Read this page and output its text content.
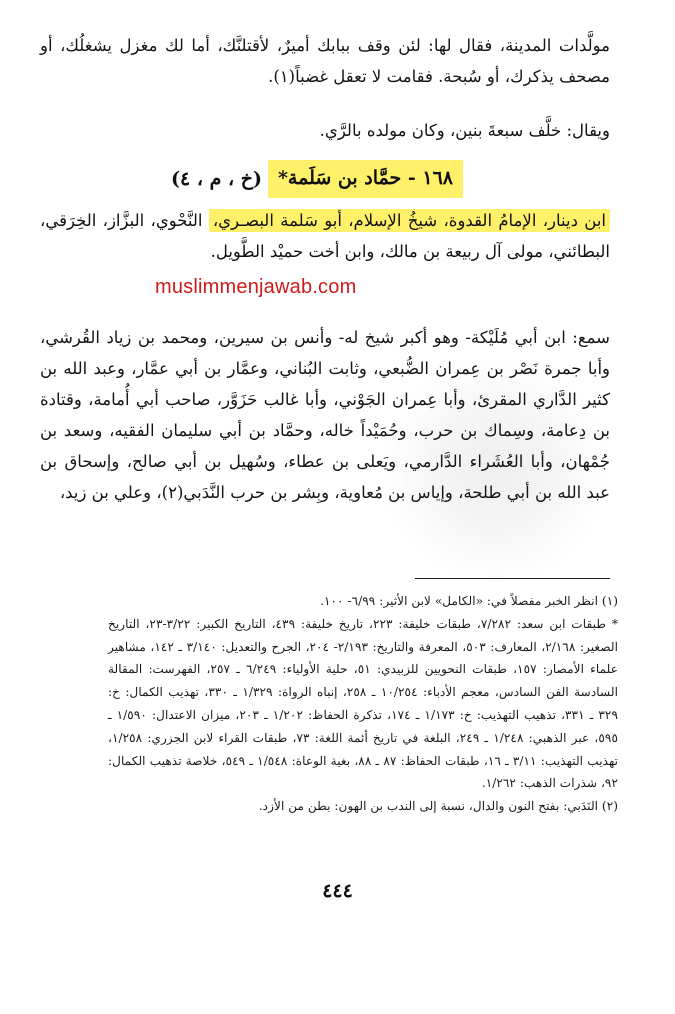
مولَّدات المدينة، فقال لها: لئن وقف ببابك أميرٌ، لأقتلنَّك، أما لك مغزل يشغلُك، أو مصحف يذكرك، أو سُبحة. فقامت لا تعقل غضباً(١).
ويقال: خلَّف سبعةَ بنين، وكان مولده بالرَّي.
١٦٨ - حمَّاد بن سَلَمة*
(خ ، م ، ٤)
ابن دينار، الإمامُ القدوة، شيخُ الإسلام، أبو سَلمة البصـري، النَّحْوي، البزَّاز، الخِرَقي، البطائني، مولى آل ربيعة بن مالك، وابن أخت حميْد الطَّويل.
muslimmenjawab.com
سمع: ابن أبي مُلَيْكة- وهو أكبر شيخ له- وأنس بن سيرين، ومحمد بن زياد القُرشي، وأبا جمرة نَصْر بن عِمران الضُّبعي، وثابت البُناني، وعمَّار بن أبي عمَّار، وعبد الله بن كثير الدَّاري المقرئ، وأبا عِمران الجَوْني، وأبا غالب حَزَوَّر، صاحب أبي أُمامة، وقتادة بن دِعامة، وسِماك بن حرب، وحُمَيْداً خاله، وحمَّاد بن أبي سليمان الفقيه، وسعد بن جُمْهان، وأبا العُشَراء الدَّارمي، ويَعلى بن عطاء، وسُهيل بن أبي صالح، وإسحاق بن عبد الله بن أبي طلحة، وإياس بن مُعاوية، وبِشر بن حرب النَّدَبي(٢)، وعلي بن زيد،

(١) انظر الخبر مفصلاً في: «الكامل» لابن الأثير: ٦/٩٩- ١٠٠.

* طبقات ابن سعد: ٧/٢٨٢، طبقات خليفة: ٢٢٣، تاريخ خليفة: ٤٣٩، التاريخ الكبير: ٣/٢٢-٢٣، التاريخ الصغير: ٢/١٦٨، المعارف: ٥٠٣، المعرفة والتاريخ: ٢/١٩٣- ٢٠٤، الجرح والتعديل: ٣/١٤٠ ـ ١٤٢، مشاهير علماء الأمصار: ١٥٧، طبقات النحويين للزبيدي: ٥١، حلية الأولياء: ٦/٢٤٩ ـ ٢٥٧، الفهرست: المقالة السادسة الفن السادس، معجم الأدباء: ١٠/٢٥٤ ـ ٢٥٨، إنباه الرواة: ١/٣٢٩ ـ ٣٣٠، تهذيب الكمال: خ: ٣٢٩ ـ ٣٣١، تذهيب التهذيب: خ: ١/١٧٣ ـ ١٧٤، تذكرة الحفاظ: ١/٢٠٢ ـ ٢٠٣، ميزان الاعتدال: ١/٥٩٠ ـ ٥٩٥، عبر الذهبي: ١/٢٤٨ ـ ٢٤٩، البلغة في تاريخ أئمة اللغة: ٧٣، طبقات القراء لابن الجزري: ١/٢٥٨، تهذيب التهذيب: ٣/١١ ـ ١٦، طبقات الحفاظ: ٨٧ ـ ٨٨، بغية الوعاة: ١/٥٤٨ ـ ٥٤٩، خلاصة تذهيب الكمال: ٩٢، شذرات الذهب: ١/٢٦٢.

(٢) النَدَبي: بفتح النون والدال، نسبة إلى الندب بن الهون: بطن من الأزد.

٤٤٤
